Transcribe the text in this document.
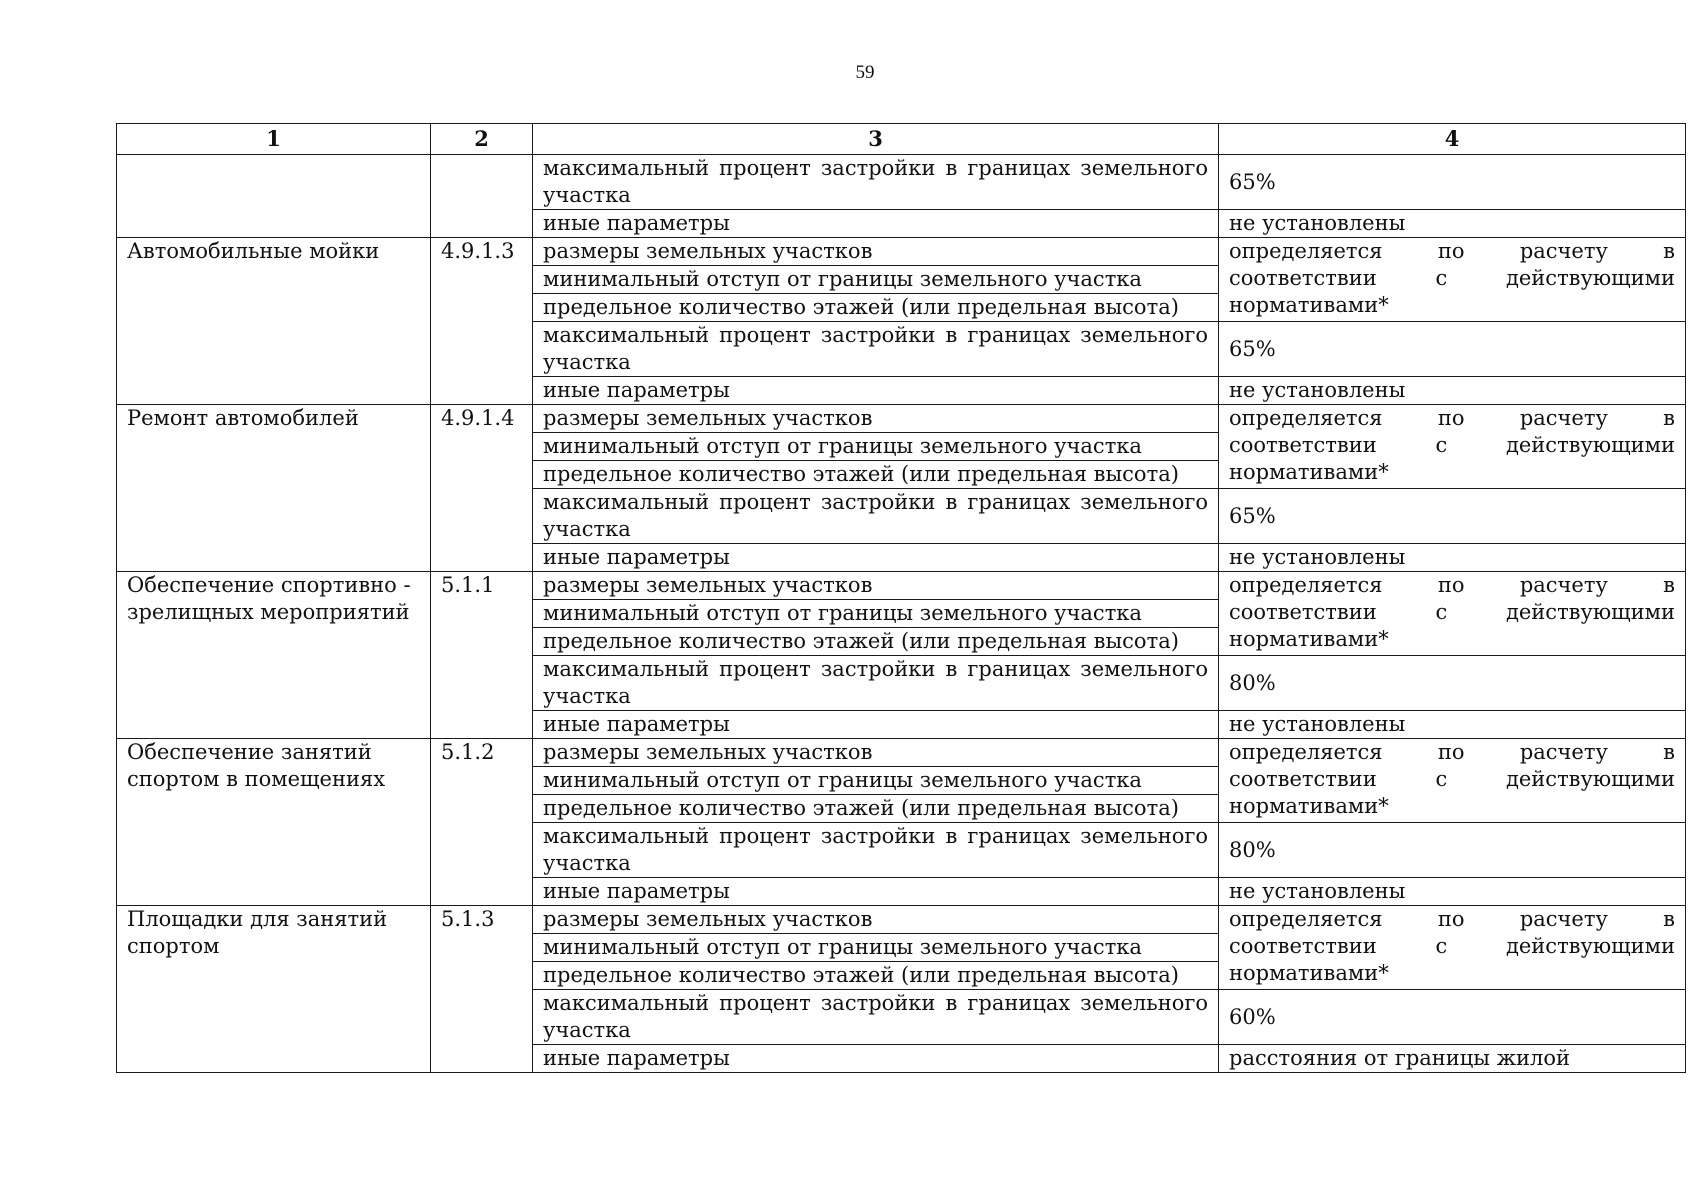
59
1	2	3	4
		максимальный процент застройки в границах земельного участка	65%
		иные параметры	не установлены
Автомобильные мойки	4.9.1.3	размеры земельных участков	определяется по расчету в
соответствии с действующими
нормативами*

		минимальный отступ от границы земельного участка	
		предельное количество этажей (или предельная высота)	
		максимальный процент застройки в границах земельного участка	65%
		иные параметры	не установлены
Ремонт автомобилей	4.9.1.4	размеры земельных участков	определяется по расчету в
соответствии с действующими
нормативами*

		минимальный отступ от границы земельного участка	
		предельное количество этажей (или предельная высота)	
		максимальный процент застройки в границах земельного участка	65%
		иные параметры	не установлены
Обеспечение спортивно - зрелищных мероприятий	5.1.1	размеры земельных участков	определяется по расчету в
соответствии с действующими
нормативами*

		минимальный отступ от границы земельного участка	
		предельное количество этажей (или предельная высота)	
		максимальный процент застройки в границах земельного участка	80%
		иные параметры	не установлены
Обеспечение занятий спортом в помещениях	5.1.2	размеры земельных участков	определяется по расчету в
соответствии с действующими
нормативами*

		минимальный отступ от границы земельного участка	
		предельное количество этажей (или предельная высота)	
		максимальный процент застройки в границах земельного участка	80%
		иные параметры	не установлены
Площадки для занятий спортом	5.1.3	размеры земельных участков	определяется по расчету в
соответствии с действующими
нормативами*

		минимальный отступ от границы земельного участка	
		предельное количество этажей (или предельная высота)	
		максимальный процент застройки в границах земельного участка	60%
		иные параметры	расстояния от границы жилой
